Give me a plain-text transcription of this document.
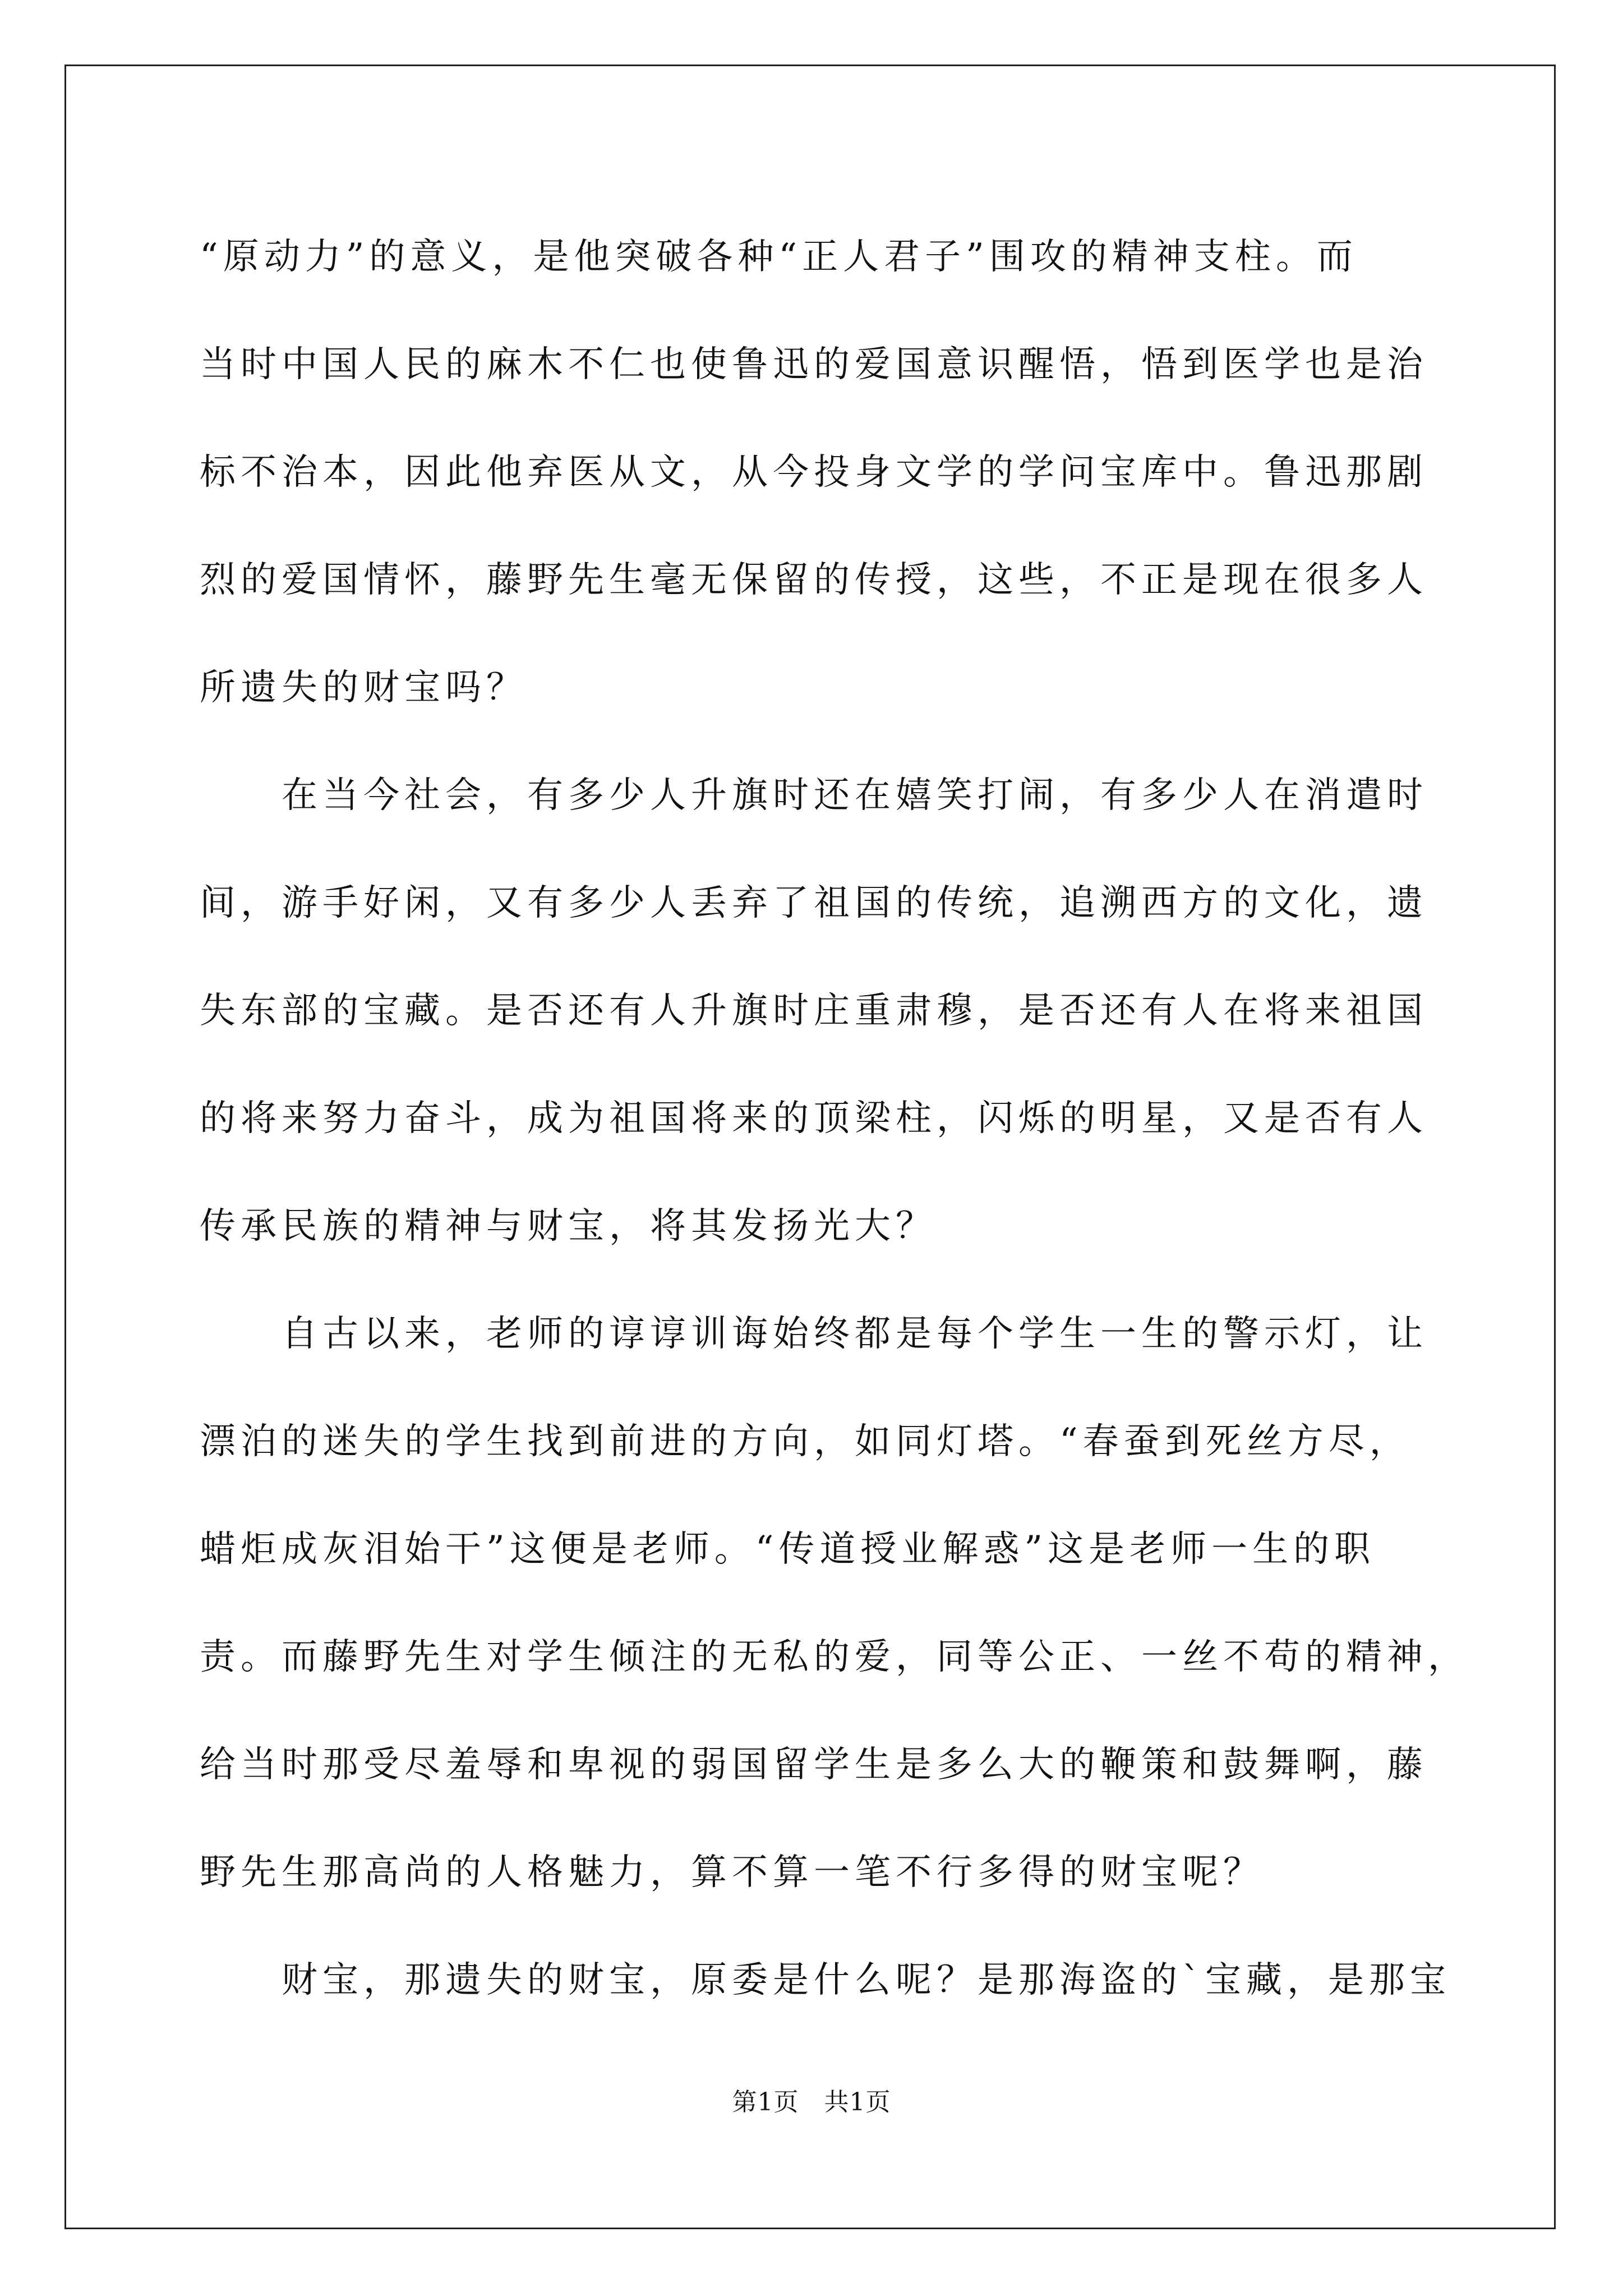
“原动力”的意义，是他突破各种“正人君子”围攻的精神支柱。而
当时中国人民的麻木不仁也使鲁迅的爱国意识醒悟，悟到医学也是治
标不治本，因此他弃医从文，从今投身文学的学问宝库中。鲁迅那剧
烈的爱国情怀，藤野先生毫无保留的传授，这些，不正是现在很多人
所遗失的财宝吗？
　　在当今社会，有多少人升旗时还在嬉笑打闹，有多少人在消遣时
间，游手好闲，又有多少人丢弃了祖国的传统，追溯西方的文化，遗
失东部的宝藏。是否还有人升旗时庄重肃穆，是否还有人在将来祖国
的将来努力奋斗，成为祖国将来的顶梁柱，闪烁的明星，又是否有人
传承民族的精神与财宝，将其发扬光大？
　　自古以来，老师的谆谆训诲始终都是每个学生一生的警示灯，让
漂泊的迷失的学生找到前进的方向，如同灯塔。“春蚕到死丝方尽，
蜡炬成灰泪始干”这便是老师。“传道授业解惑”这是老师一生的职
责。而藤野先生对学生倾注的无私的爱，同等公正、一丝不苟的精神，
给当时那受尽羞辱和卑视的弱国留学生是多么大的鞭策和鼓舞啊，藤
野先生那高尚的人格魅力，算不算一笔不行多得的财宝呢？
　　财宝，那遗失的财宝，原委是什么呢？是那海盗的`宝藏，是那宝
第1页　共1页
